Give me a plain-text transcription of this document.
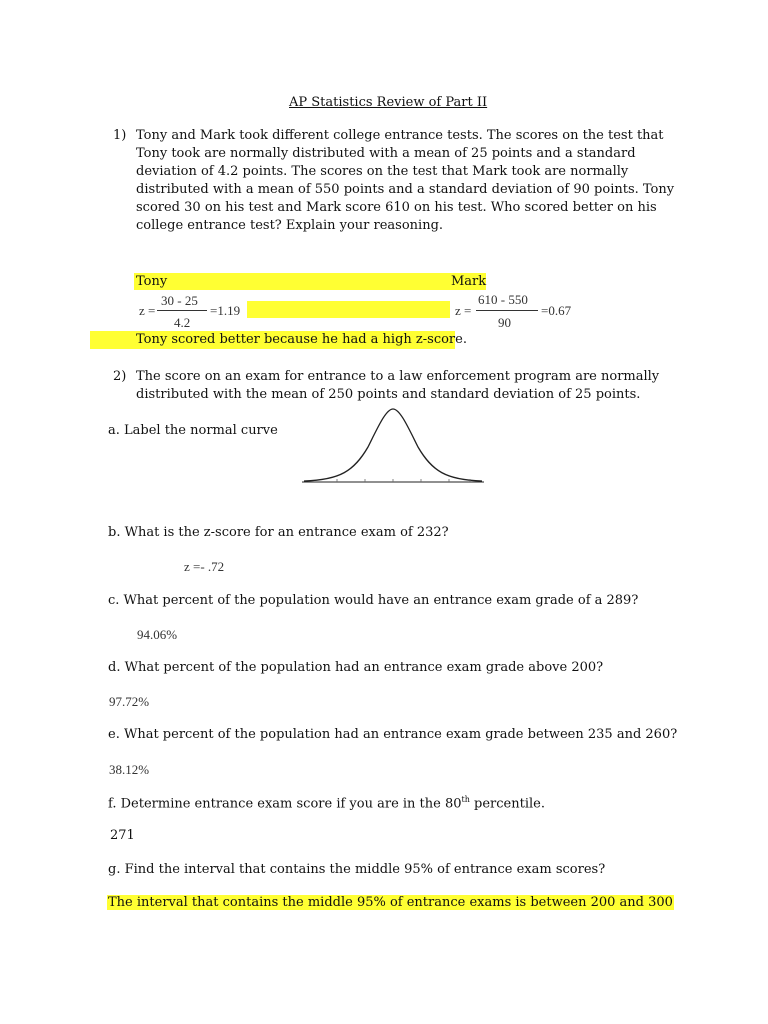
AP Statistics Review of Part II
1) Tony and Mark took different college entrance tests. The scores on the test that
Tony took are normally distributed with a mean of 25 points and a standard
deviation of 4.2 points. The scores on the test that Mark took are normally
distributed with a mean of 550 points and a standard deviation of 90 points. Tony
scored 30 on his test and Mark score 610 on his test. Who scored better on his
college entrance test? Explain your reasoning.
Tony	Mark
z =
30 - 25
4.2
=1.19	z =
610 - 550
90
=0.67
Tony scored better because he had a high z-score.
2) The score on an exam for entrance to a law enforcement program are normally
distributed with the mean of 250 points and standard deviation of 25 points.
a. Label the normal curve
b. What is the z-score for an entrance exam of 232?
z =- .72
c. What percent of the population would have an entrance exam grade of a 289?
94.06%
d. What percent of the population had an entrance exam grade above 200?
97.72%
e. What percent of the population had an entrance exam grade between 235 and 260?
38.12%
f. Determine entrance exam score if you are in the 80th percentile.
271
g. Find the interval that contains the middle 95% of entrance exam scores?
The interval that contains the middle 95% of entrance exams is between 200 and 300
